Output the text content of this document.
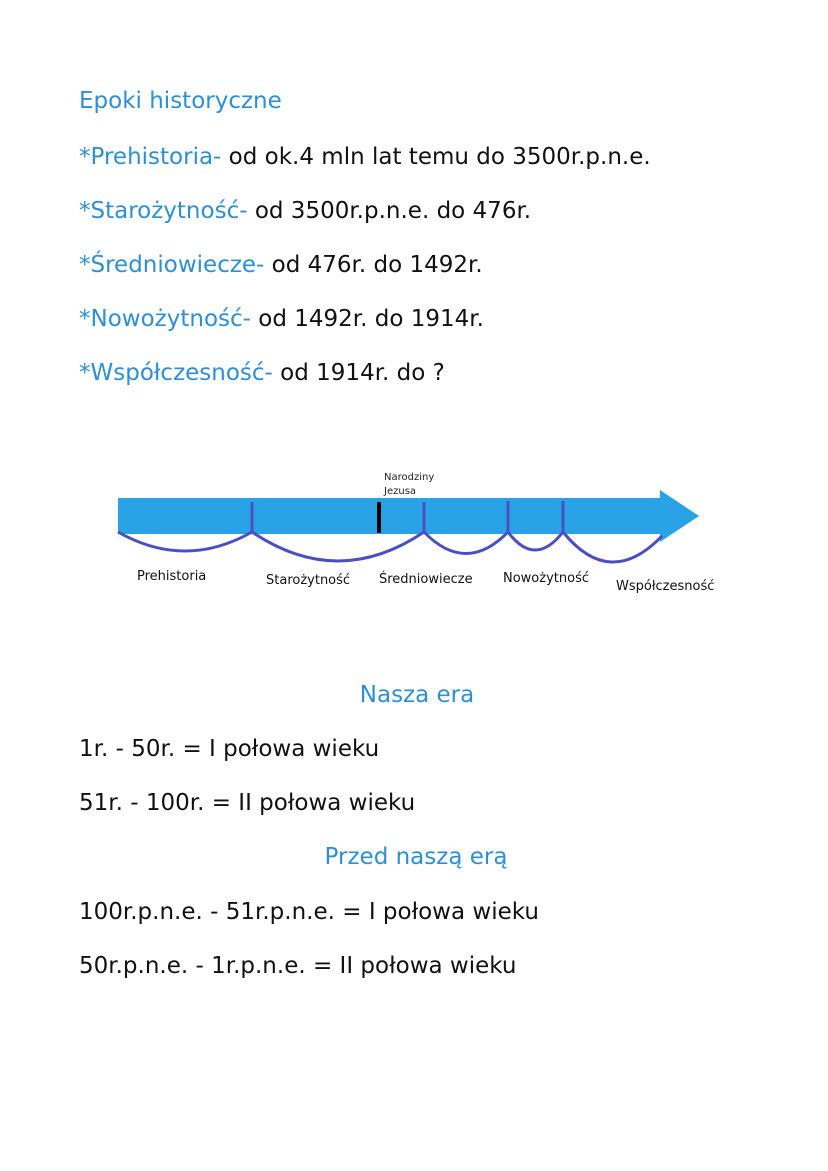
Epoki historyczne
*Prehistoria- od ok.4 mln lat temu do 3500r.p.n.e.
*Starożytność- od 3500r.p.n.e. do 476r.
*Średniowiecze- od 476r. do 1492r.
*Nowożytność- od 1492r. do 1914r.
*Współczesność- od 1914r. do ?
Narodziny
Jezusa
Prehistoria	Starożytność Średniowiecze Nowożytność
Współczesność
Nasza era
1r. - 50r. = I połowa wieku
51r. - 100r. = II połowa wieku
Przed naszą erą
100r.p.n.e. - 51r.p.n.e. = I połowa wieku
50r.p.n.e. - 1r.p.n.e. = II połowa wieku
